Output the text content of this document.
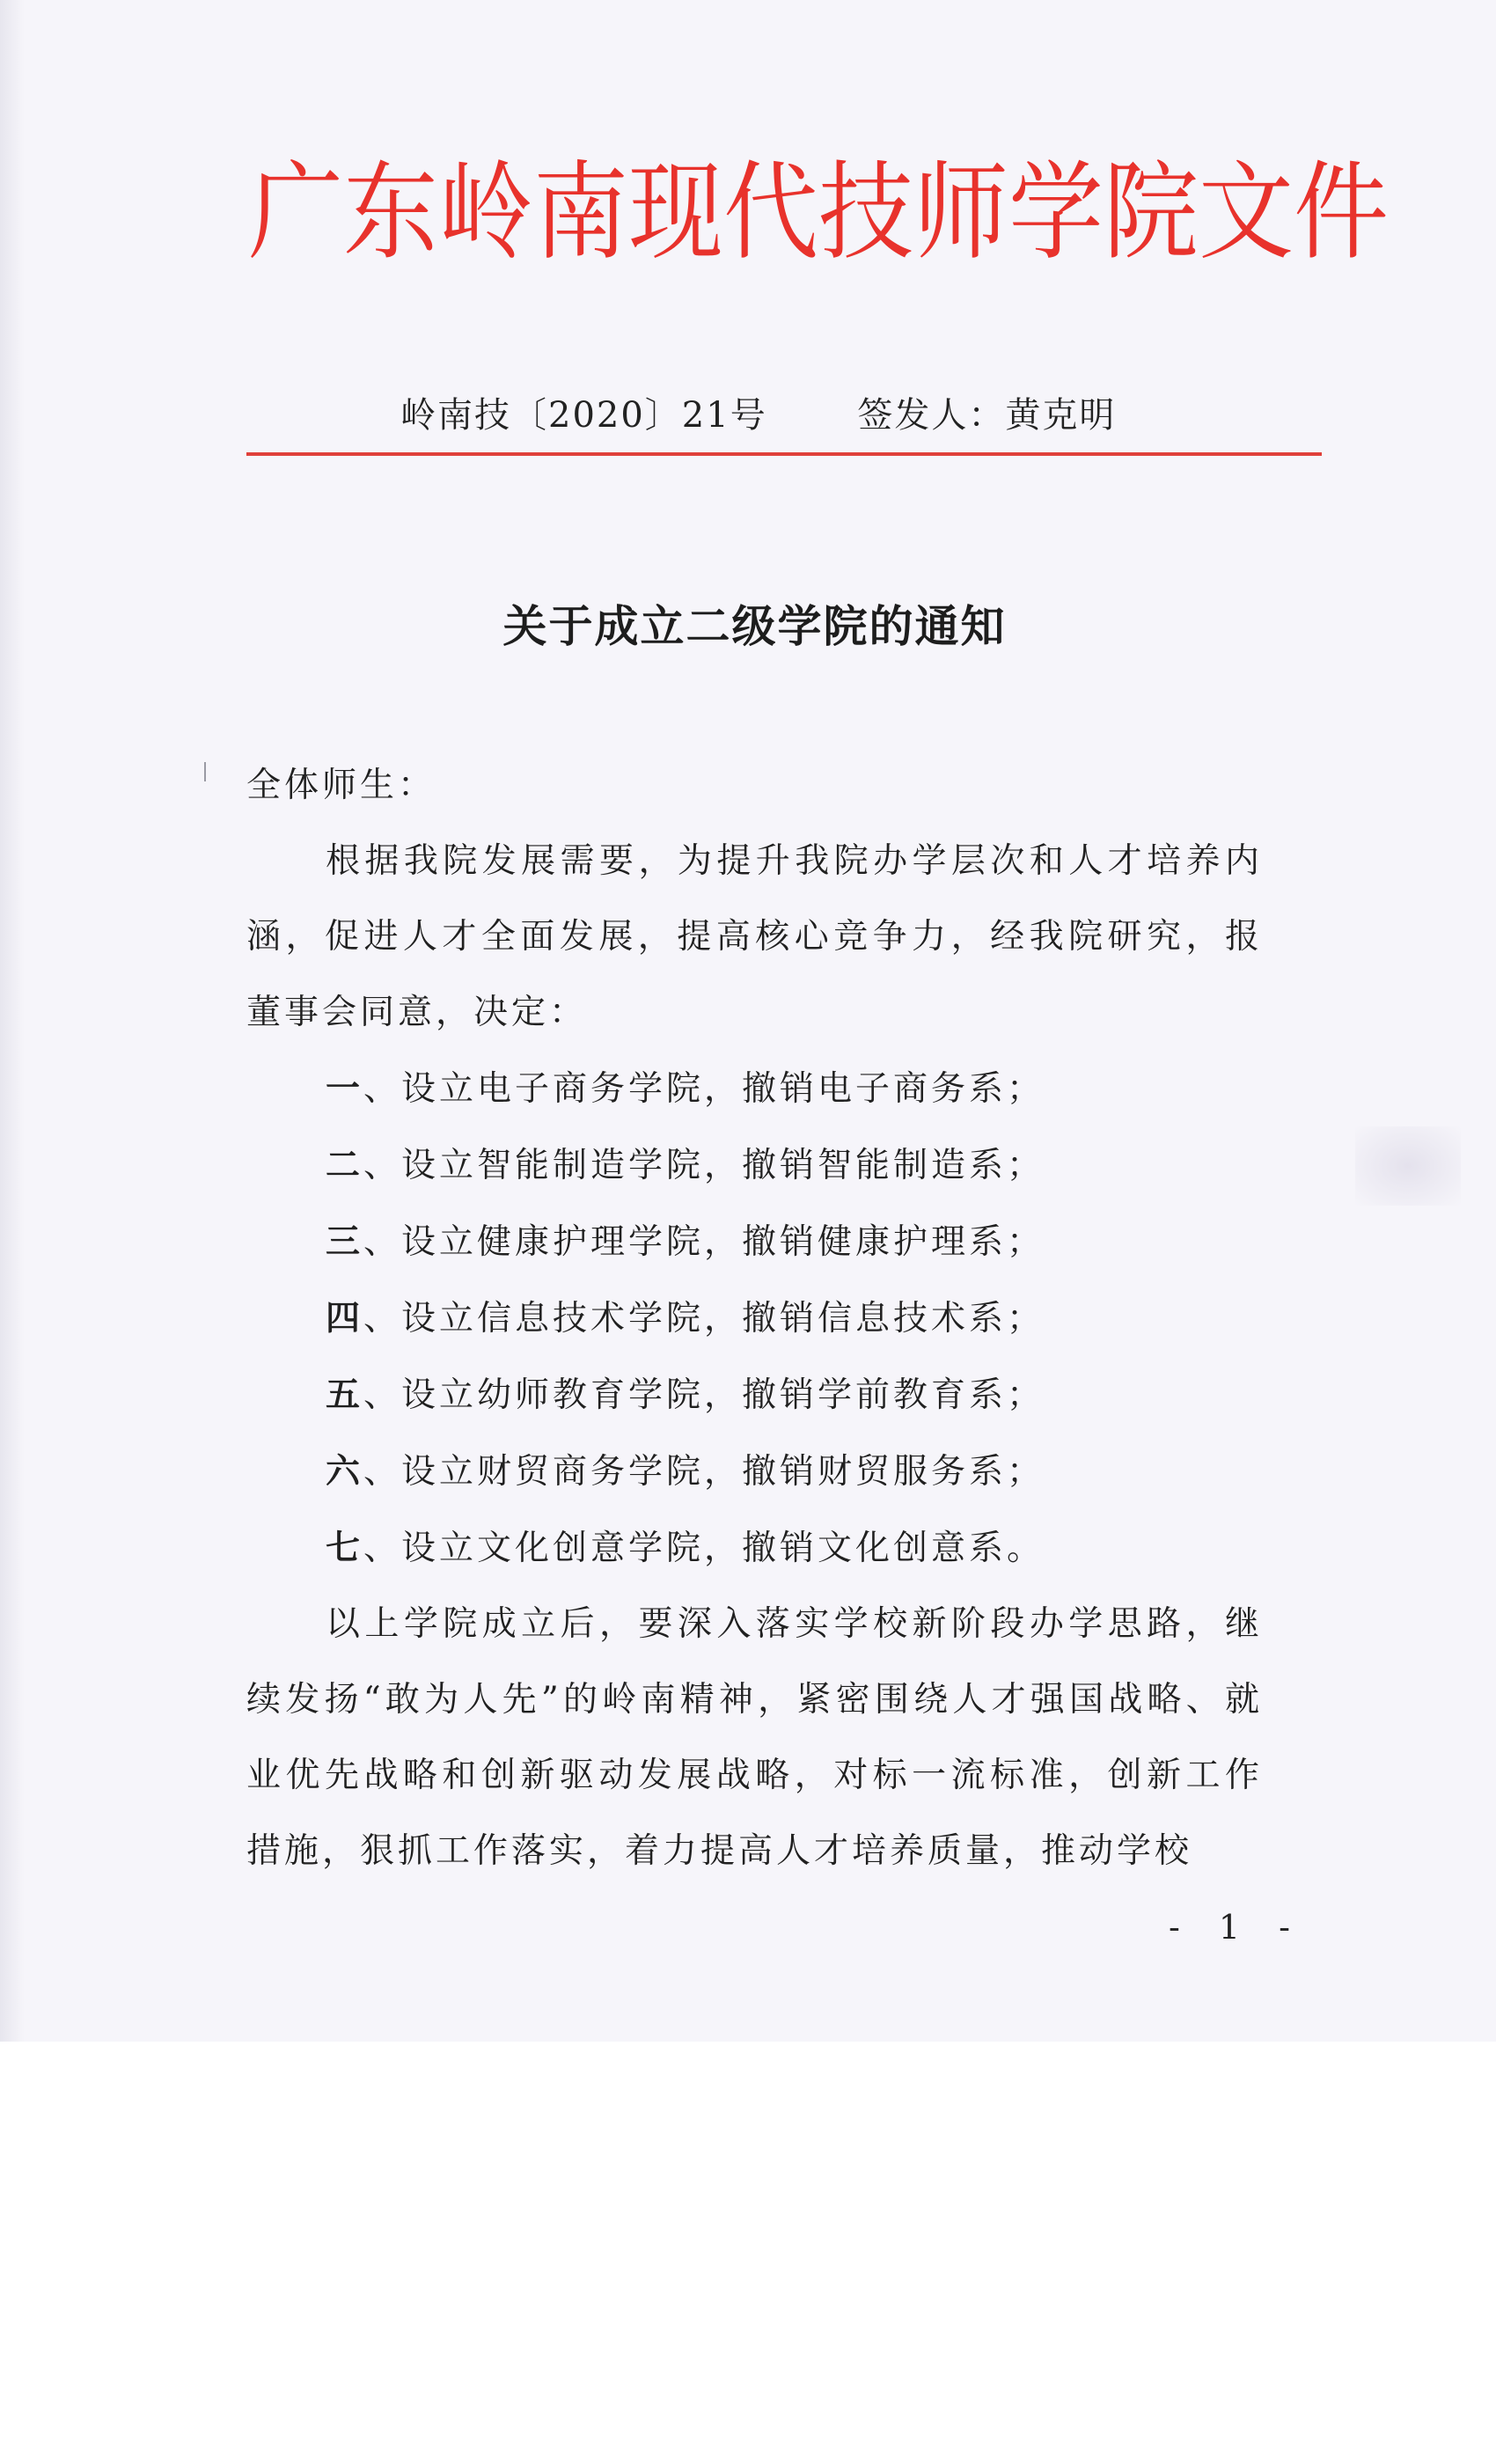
广东岭南现代技师学院文件
岭南技〔2020〕21号	签发人：黄克明
关于成立二级学院的通知
全体师生：
根据我院发展需要，为提升我院办学层次和人才培养内涵，促进人才全面发展，提高核心竞争力，经我院研究，报董事会同意，决定：
一、设立电子商务学院，撤销电子商务系；
二、设立智能制造学院，撤销智能制造系；
三、设立健康护理学院，撤销健康护理系；
四、设立信息技术学院，撤销信息技术系；
五、设立幼师教育学院，撤销学前教育系；
六、设立财贸商务学院，撤销财贸服务系；
七、设立文化创意学院，撤销文化创意系。
以上学院成立后，要深入落实学校新阶段办学思路，继续发扬“敢为人先”的岭南精神，紧密围绕人才强国战略、就业优先战略和创新驱动发展战略，对标一流标准，创新工作措施，狠抓工作落实，着力提高人才培养质量，推动学校
- 1 -
